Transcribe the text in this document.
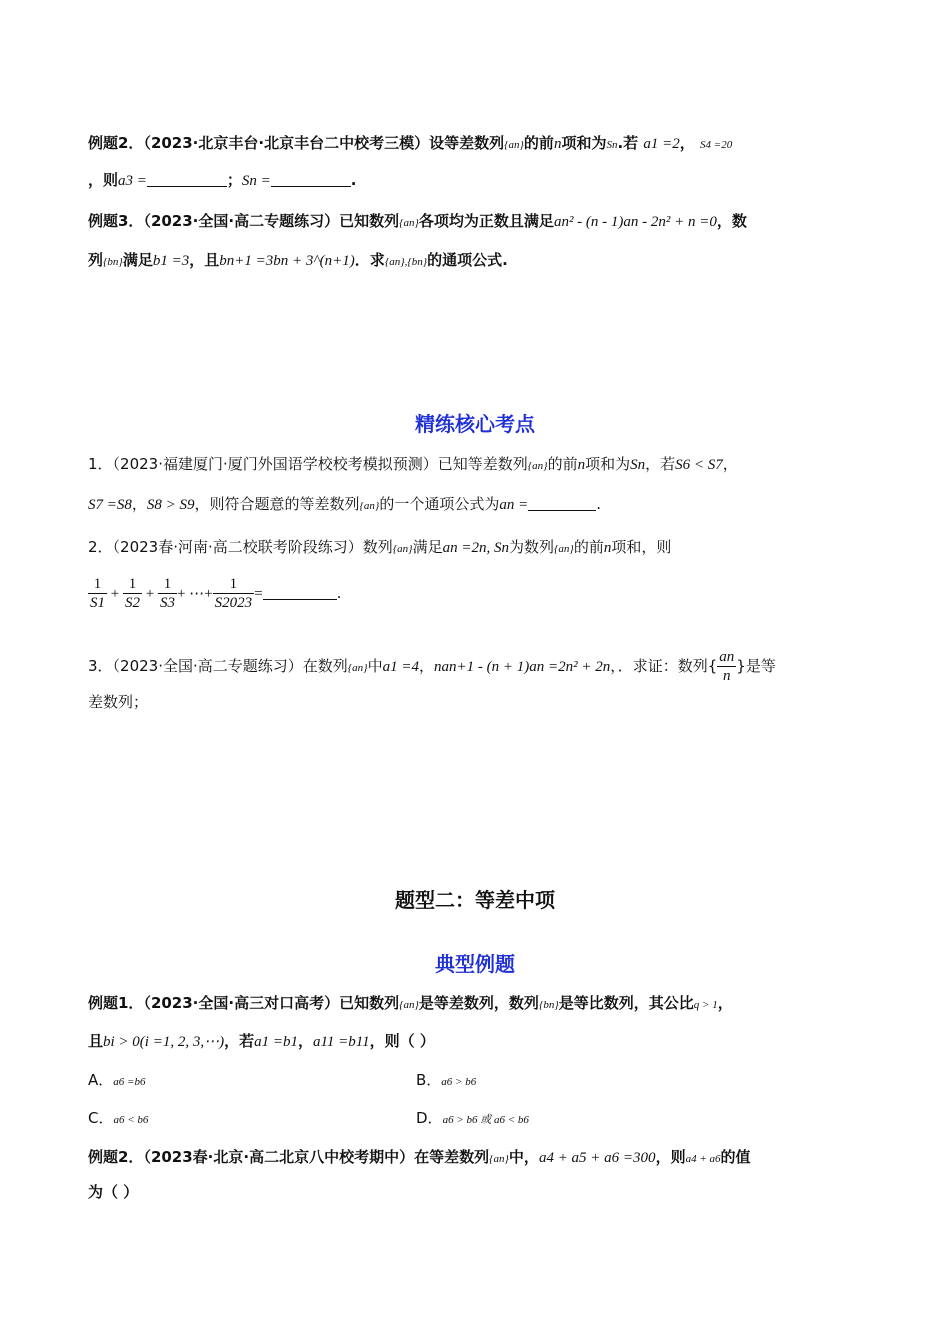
例题2．（2023·北京丰台·北京丰台二中校考三模）设等差数列{an}的前n项和为Sn.若 a1 =2， S4 =20
，则a3 =	；Sn =	.
例题3．（2023·全国·高二专题练习）已知数列{an}各项均为正数且满足an² - (n - 1)an - 2n² + n =0，数
列{bn}满足b1 =3，且bn+1 =3bn + 3^(n+1)．求{an},{bn}的通项公式.
精练核心考点
1．（2023·福建厦门·厦门外国语学校校考模拟预测）已知等差数列{an}的前n项和为Sn，若S6 < S7，
S7 =S8，S8 > S9，则符合题意的等差数列{an}的一个通项公式为an =	.
2．（2023春·河南·高二校联考阶段练习）数列{an}满足an =2n, Sn为数列{an}的前n项和，则
$\frac{1}{S1} + \frac{1}{S2} + \frac{1}{S3}$ + ⋯+ $\frac{1}{S2023}$ =	.
3．（2023·全国·高二专题练习）在数列{an}中a1 =4，nan+1 - (n + 1)an =2n² + 2n，．求证：数列{ $\frac{an}{n}$ }是等
差数列；
题型二：等差中项
典型例题
例题1．（2023·全国·高三对口高考）已知数列{an}是等差数列，数列{bn}是等比数列，其公比q > 1，
且bi > 0(i =1, 2, 3,⋯)，若a1 =b1，a11 =b11，则（ ）
A．a6 =b6	B．a6 > b6
C．a6 < b6	D．a6 > b6 或 a6 < b6
例题2．（2023春·北京·高二北京八中校考期中）在等差数列{an}中，a4 + a5 + a6 =300，则a4 + a6的值
为（ ）
